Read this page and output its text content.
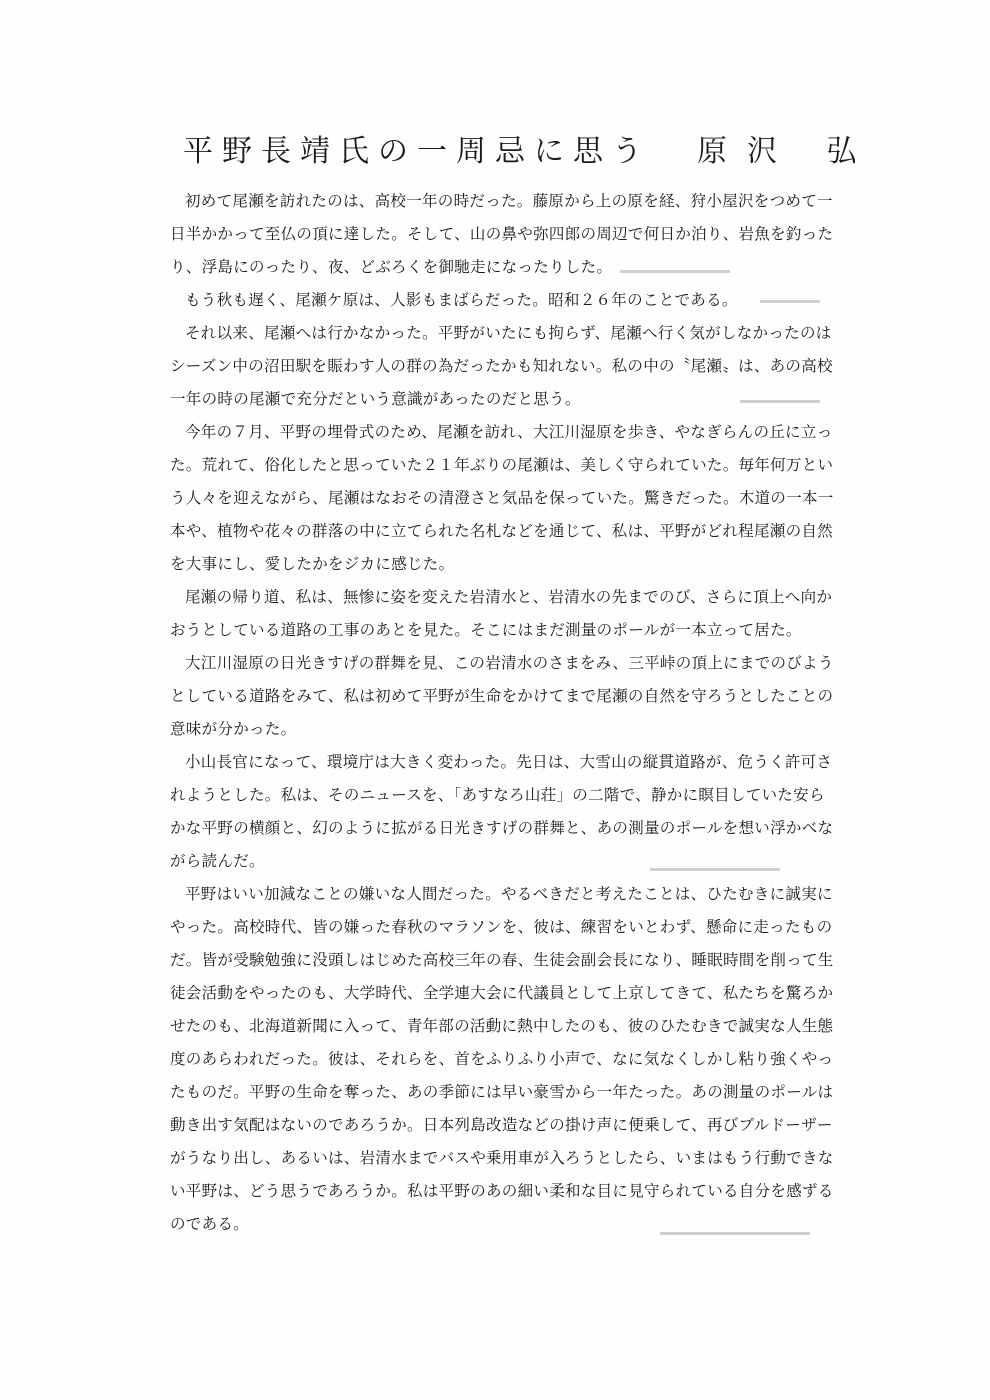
平野長靖氏の一周忌に思う 原沢 弘
初めて尾瀬を訪れたのは、高校一年の時だった。藤原から上の原を経、狩小屋沢をつめて一
日半かかって至仏の頂に達した。そして、山の鼻や弥四郎の周辺で何日か泊り、岩魚を釣った
り、浮島にのったり、夜、どぶろくを御馳走になったりした。
もう秋も遅く、尾瀬ケ原は、人影もまばらだった。昭和２６年のことである。
それ以来、尾瀬へは行かなかった。平野がいたにも拘らず、尾瀬へ行く気がしなかったのは
シーズン中の沼田駅を賑わす人の群の為だったかも知れない。私の中の〝尾瀬〟は、あの高校
一年の時の尾瀬で充分だという意識があったのだと思う。
今年の７月、平野の埋骨式のため、尾瀬を訪れ、大江川湿原を歩き、やなぎらんの丘に立っ
た。荒れて、俗化したと思っていた２１年ぶりの尾瀬は、美しく守られていた。毎年何万とい
う人々を迎えながら、尾瀬はなおその清澄さと気品を保っていた。驚きだった。木道の一本一
本や、植物や花々の群落の中に立てられた名札などを通じて、私は、平野がどれ程尾瀬の自然
を大事にし、愛したかをジカに感じた。
尾瀬の帰り道、私は、無惨に姿を変えた岩清水と、岩清水の先までのび、さらに頂上へ向か
おうとしている道路の工事のあとを見た。そこにはまだ測量のポールが一本立って居た。
大江川湿原の日光きすげの群舞を見、この岩清水のさまをみ、三平峠の頂上にまでのびよう
としている道路をみて、私は初めて平野が生命をかけてまで尾瀬の自然を守ろうとしたことの
意味が分かった。
小山長官になって、環境庁は大きく変わった。先日は、大雪山の縦貫道路が、危うく許可さ
れようとした。私は、そのニュースを、「あすなろ山荘」の二階で、静かに瞑目していた安ら
かな平野の横顔と、幻のように拡がる日光きすげの群舞と、あの測量のポールを想い浮かべな
がら読んだ。
平野はいい加減なことの嫌いな人間だった。やるべきだと考えたことは、ひたむきに誠実に
やった。高校時代、皆の嫌った春秋のマラソンを、彼は、練習をいとわず、懸命に走ったもの
だ。皆が受験勉強に没頭しはじめた高校三年の春、生徒会副会長になり、睡眠時間を削って生
徒会活動をやったのも、大学時代、全学連大会に代議員として上京してきて、私たちを驚ろか
せたのも、北海道新聞に入って、青年部の活動に熱中したのも、彼のひたむきで誠実な人生態
度のあらわれだった。彼は、それらを、首をふりふり小声で、なに気なくしかし粘り強くやっ
たものだ。平野の生命を奪った、あの季節には早い豪雪から一年たった。あの測量のポールは
動き出す気配はないのであろうか。日本列島改造などの掛け声に便乗して、再びブルドーザー
がうなり出し、あるいは、岩清水までバスや乗用車が入ろうとしたら、いまはもう行動できな
い平野は、どう思うであろうか。私は平野のあの細い柔和な目に見守られている自分を感ずる
のである。
